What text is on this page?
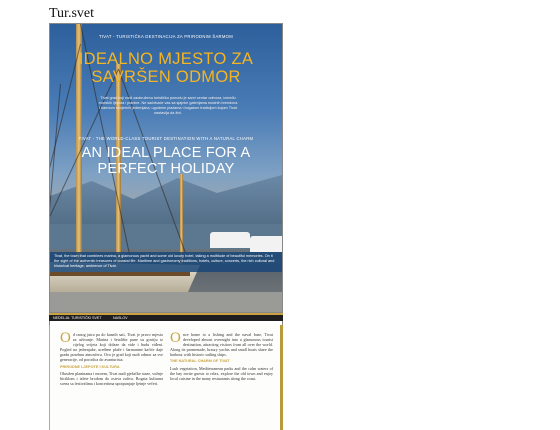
Tur.svet
TIVAT - TURISTIČKA DESTINACIJA ZA PRIRODNIM ŠARMOM
IDEALNO MJESTO ZA SAVRŠEN ODMOR
Tivat grad koji nudi zaokruženu turističku ponudu je sami centar odmora, između morskih ljepota i planine. Ne sačekaće vas sa sjajnim galerijama modnih brendova i šarmom stoljetnih jedrenjaka, ugodnim plažama i bogatom tradicijom kojom Tivat nastavlja da živi.
TIVAT - THE WORLD-CLASS TOURIST DESTINATION WITH A NATURAL CHARM
AN IDEAL PLACE FOR A PERFECT HOLIDAY
Tivat, the town that combines marina, a glamorous yacht and some old luxury hotel, taking a multitude of beautiful memories. On it the sight of the authentic treasures of coastal life. Maritime and gastronomy traditions, hotels, culture, concerts, the rich cultural and historical heritage, ambience of Tivat.
NEDELJA: TURISTIČKI SVET	NASLOV
O d ranog jutra pa do kasnih sati, Tivat je pravo mjesto za uživanje. Marina i šetalište pune su gostiju iz cijelog svijeta koji dolaze da vide i budu viđeni. Pogled na jedrenjake, uređene plaže i šarmantne kafiće daje gradu posebnu atmosferu. Ovo je grad koji nudi odmor za sve generacije, od porodica do avanturista.
PRIRODNE LJEPOTE I KULTURA
Okružen planinama i morem, Tivat nudi pješačke staze, vožnje biciklom i izlete brodom do ostrva zaliva. Bogata kulturna scena sa festivalima i koncertima upotpunjuje ljetnje večeri.
O nce home to a fishing and the naval base, Tivat developed almost overnight into a glamorous tourist destination, attracting visitors from all over the world. Along its promenade, luxury yachts and small boats share the harbour with historic sailing ships.
THE NATURAL CHARM OF TIVAT
Lush vegetation, Mediterranean parks and the calm waters of the bay invite guests to relax, explore the old town and enjoy local cuisine in the many restaurants along the coast.
